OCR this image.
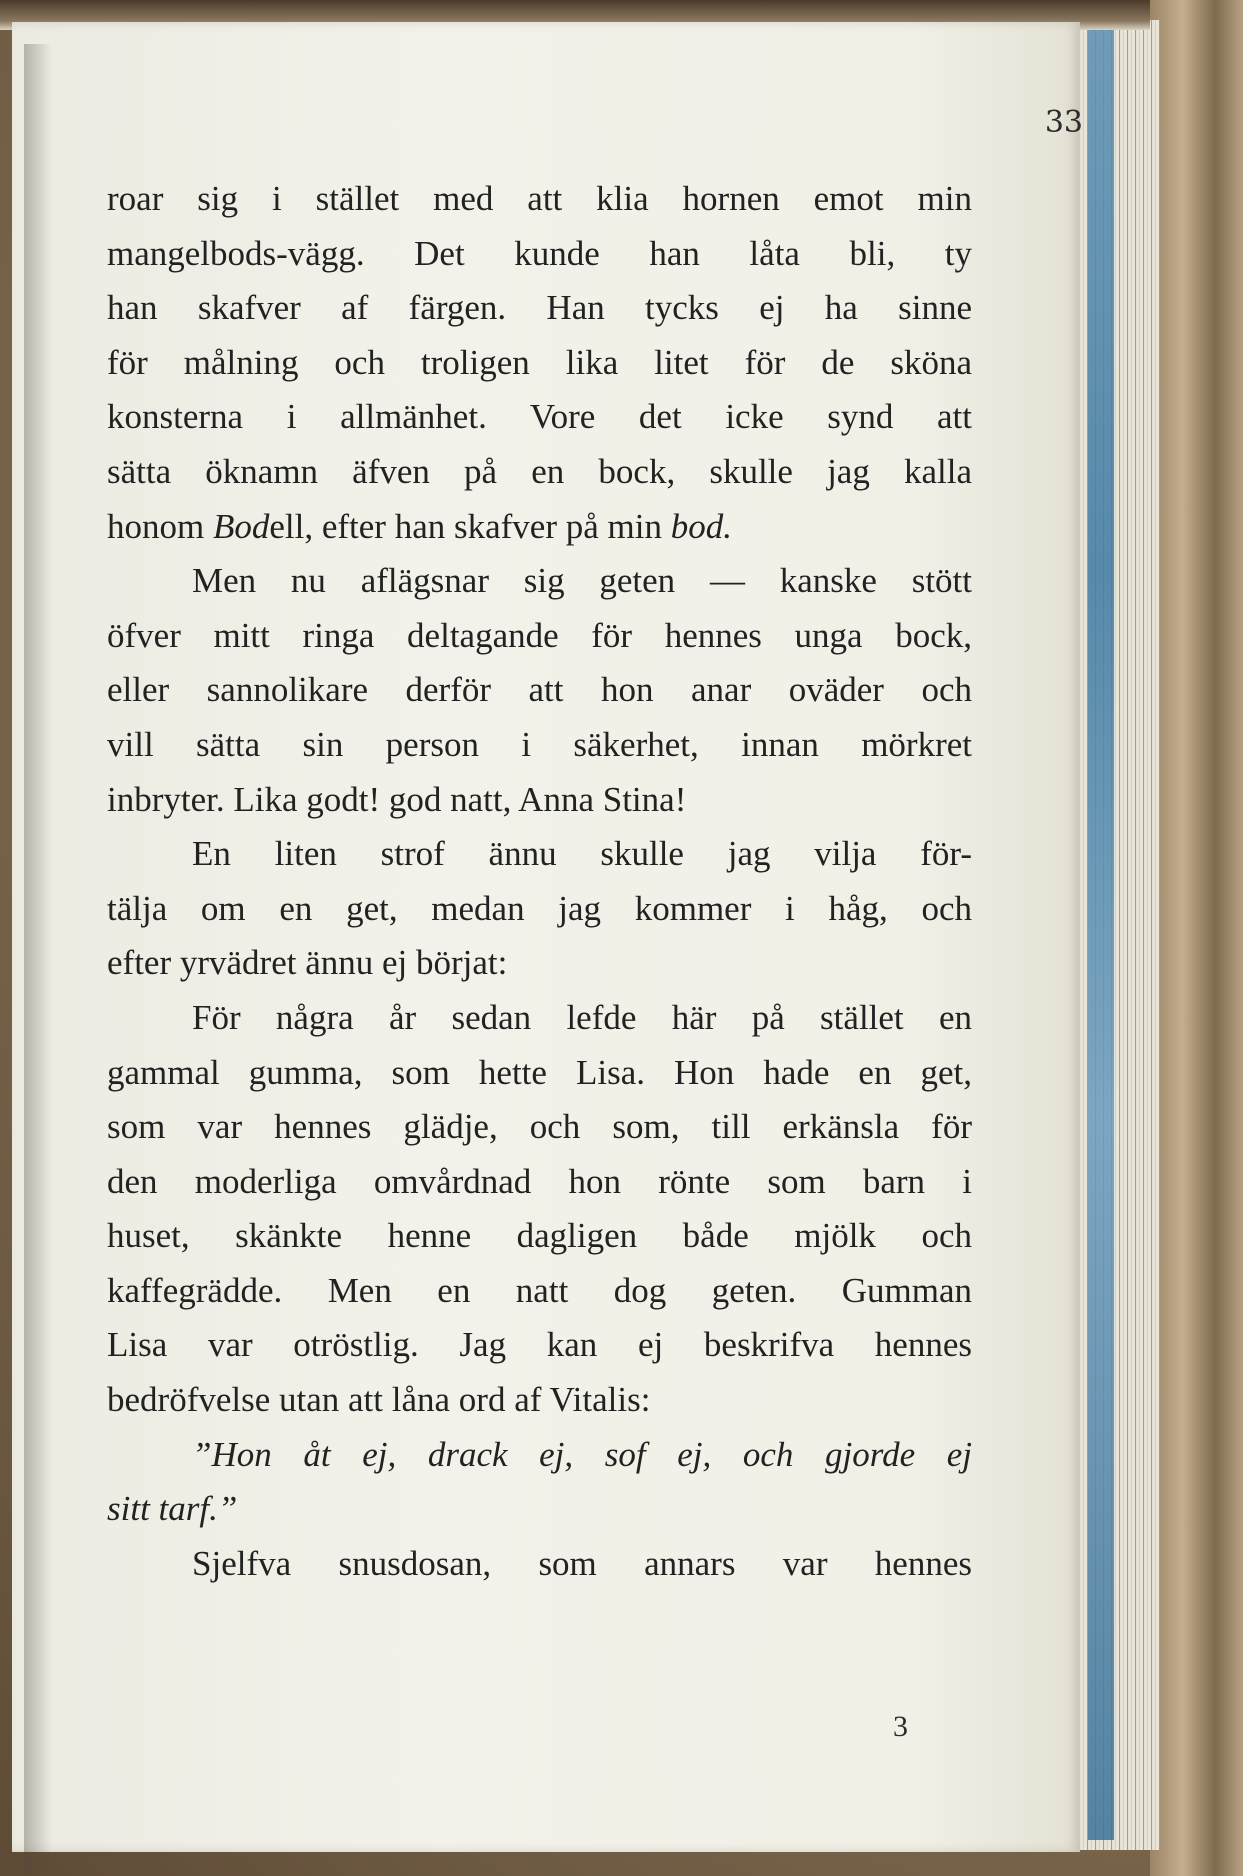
33
roar sig i stället med att klia hornen emot min
mangelbods-vägg. Det kunde han låta bli, ty
han skafver af färgen. Han tycks ej ha sinne
för målning och troligen lika litet för de sköna
konsterna i allmänhet. Vore det icke synd att
sätta öknamn äfven på en bock, skulle jag kalla
honom Bodell, efter han skafver på min bod.
Men nu aflägsnar sig geten — kanske stött
öfver mitt ringa deltagande för hennes unga bock,
eller sannolikare derför att hon anar oväder och
vill sätta sin person i säkerhet, innan mörkret
inbryter. Lika godt! god natt, Anna Stina!
En liten strof ännu skulle jag vilja för-
tälja om en get, medan jag kommer i håg, och
efter yrvädret ännu ej börjat:
För några år sedan lefde här på stället en
gammal gumma, som hette Lisa. Hon hade en get,
som var hennes glädje, och som, till erkänsla för
den moderliga omvårdnad hon rönte som barn i
huset, skänkte henne dagligen både mjölk och
kaffegrädde. Men en natt dog geten. Gumman
Lisa var otröstlig. Jag kan ej beskrifva hennes
bedröfvelse utan att låna ord af Vitalis:
”Hon åt ej, drack ej, sof ej, och gjorde ej
sitt tarf.”
Sjelfva snusdosan, som annars var hennes
3
